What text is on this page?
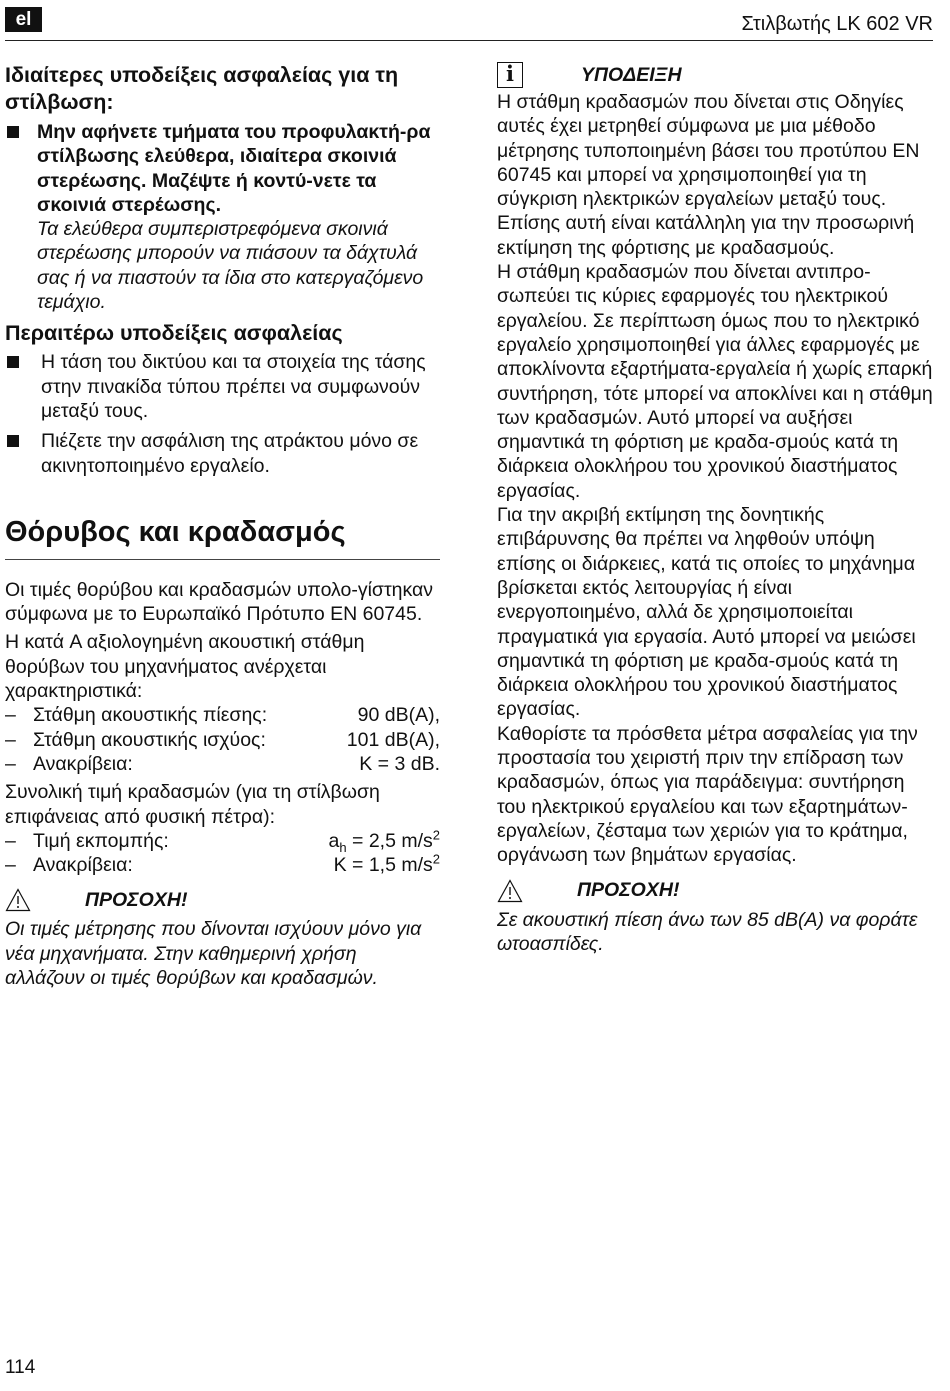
el	Στιλβωτής LK 602 VR
Ιδιαίτερες υποδείξεις ασφαλείας για τη στίλβωση:
Μην αφήνετε τμήματα του προφυλακτή-ρα στίλβωσης ελεύθερα, ιδιαίτερα σκοινιά στερέωσης. Μαζέψτε ή κοντύ-νετε τα σκοινιά στερέωσης.
Τα ελεύθερα συμπεριστρεφόμενα σκοινιά στερέωσης μπορούν να πιάσουν τα δάχτυλά σας ή να πιαστούν τα ίδια στο κατεργαζόμενο τεμάχιο.
Περαιτέρω υποδείξεις ασφαλείας
Η τάση του δικτύου και τα στοιχεία της τάσης στην πινακίδα τύπου πρέπει να συμφωνούν μεταξύ τους.
Πιέζετε την ασφάλιση της ατράκτου μόνο σε ακινητοποιημένο εργαλείο.
Θόρυβος και κραδασμός
Οι τιμές θορύβου και κραδασμών υπολο-γίστηκαν σύμφωνα με το Ευρωπαϊκό Πρότυπο EN 60745.
Η κατά A αξιολογημένη ακουστική στάθμη θορύβων του μηχανήματος ανέρχεται χαρακτηριστικά:
– Στάθμη ακουστικής πίεσης:	90 dB(A),
– Στάθμη ακουστικής ισχύος:	101 dB(A),
– Ανακρίβεια:	K = 3 dB.
Συνολική τιμή κραδασμών (για τη στίλβωση επιφάνειας από φυσική πέτρα):
– Τιμή εκπομπής:	$a_h = 2,5$ $m/s^2$
– Ανακρίβεια:	K = 1,5 $m/s^2$
ΠΡΟΣΟΧΗ!
Οι τιμές μέτρησης που δίνονται ισχύουν μόνο για νέα μηχανήματα. Στην καθημερινή χρήση αλλάζουν οι τιμές θορύβων και κραδασμών.
i	ΥΠΟΔΕΙΞΗ
Η στάθμη κραδασμών που δίνεται στις Οδηγίες αυτές έχει μετρηθεί σύμφωνα με μια μέθοδο μέτρησης τυποποιημένη βάσει του προτύπου EN 60745 και μπορεί να χρησιμοποιηθεί για τη σύγκριση ηλεκτρικών εργαλείων μεταξύ τους. Επίσης αυτή είναι κατάλληλη για την προσωρινή εκτίμηση της φόρτισης με κραδασμούς.
Η στάθμη κραδασμών που δίνεται αντιπρο-σωπεύει τις κύριες εφαρμογές του ηλεκτρικού εργαλείου. Σε περίπτωση όμως που το ηλεκτρικό εργαλείο χρησιμοποιηθεί για άλλες εφαρμογές με αποκλίνοντα εξαρτήματα-εργαλεία ή χωρίς επαρκή συντήρηση, τότε μπορεί να αποκλίνει και η στάθμη των κραδασμών. Αυτό μπορεί να αυξήσει σημαντικά τη φόρτιση με κραδα-σμούς κατά τη διάρκεια ολοκλήρου του χρονικού διαστήματος εργασίας.
Για την ακριβή εκτίμηση της δονητικής επιβάρυνσης θα πρέπει να ληφθούν υπόψη επίσης οι διάρκειες, κατά τις οποίες το μηχάνημα βρίσκεται εκτός λειτουργίας ή είναι ενεργοποιημένο, αλλά δε χρησιμοποιείται πραγματικά για εργασία. Αυτό μπορεί να μειώσει σημαντικά τη φόρτιση με κραδα-σμούς κατά τη διάρκεια ολοκλήρου του χρονικού διαστήματος εργασίας.
Καθορίστε τα πρόσθετα μέτρα ασφαλείας για την προστασία του χειριστή πριν την επίδραση των κραδασμών, όπως για παράδειγμα: συντήρηση του ηλεκτρικού εργαλείου και των εξαρτημάτων-εργαλείων, ζέσταμα των χεριών για το κράτημα, οργάνωση των βημάτων εργασίας.
ΠΡΟΣΟΧΗ!
Σε ακουστική πίεση άνω των 85 dB(A) να φοράτε ωτοασπίδες.
114
